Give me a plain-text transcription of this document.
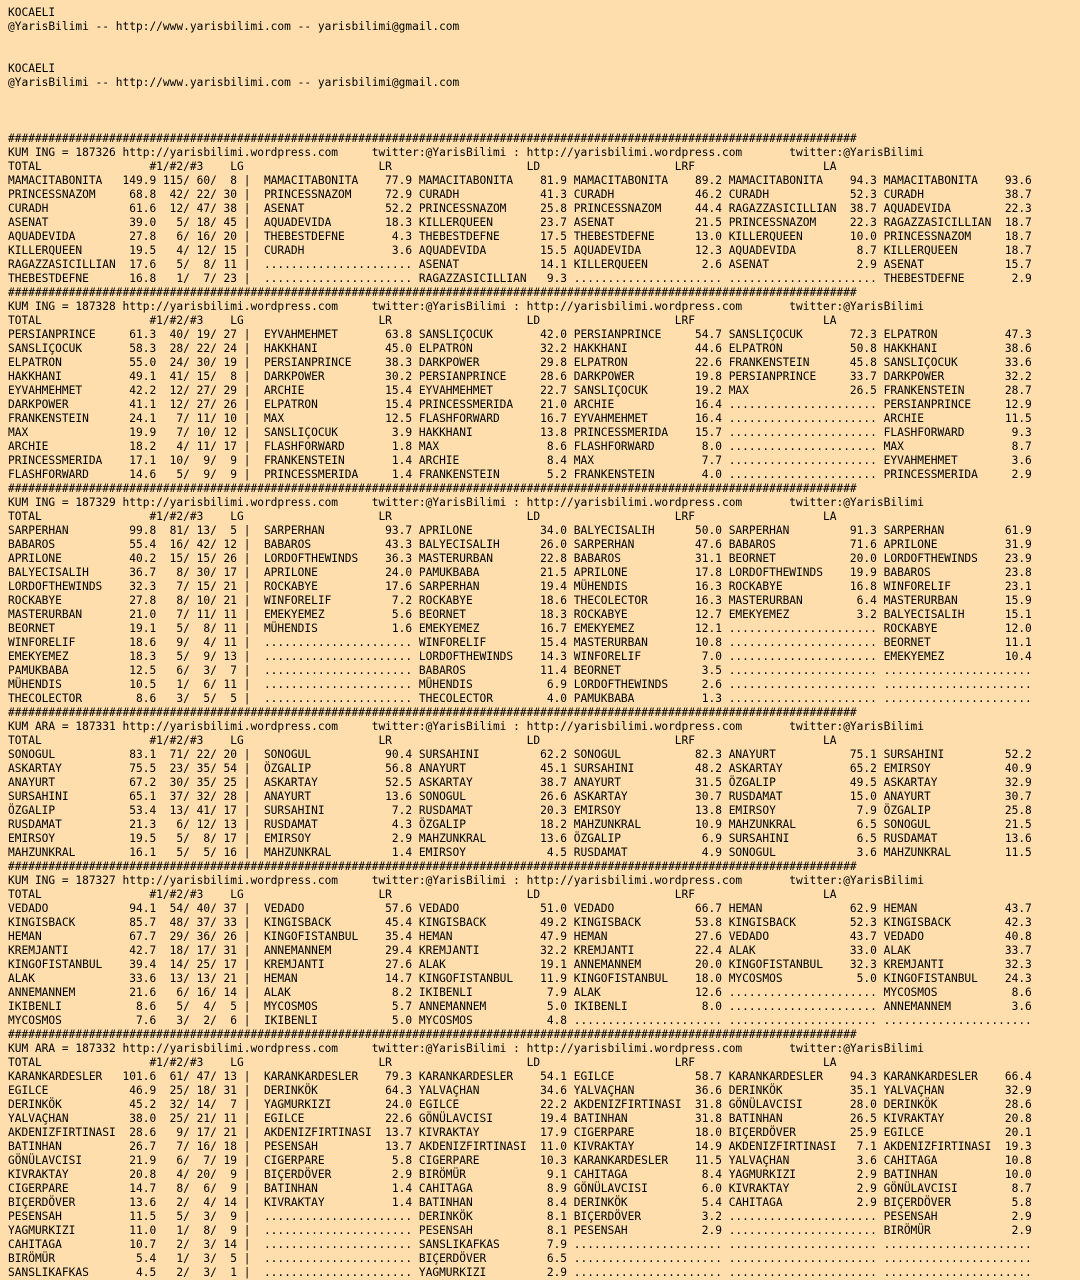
KOCAELI
@YarisBilimi -- http://www.yarisbilimi.com -- yarisbilimi@gmail.com

KOCAELI
@YarisBilimi -- http://www.yarisbilimi.com -- yarisbilimi@gmail.com

##############################################################################################################################
KUM ING = 187326 http://yarisbilimi.wordpress.com     twitter:@YarisBilimi : http://yarisbilimi.wordpress.com       twitter:@YarisBilimi
TOTAL                #1/#2/#3    LG                    LR                    LD                    LRF                   LA
MAMACITABONITA   149.9 115/ 60/  8 |  MAMACITABONITA    77.9 MAMACITABONITA    81.9 MAMACITABONITA    89.2 MAMACITABONITA    94.3 MAMACITABONITA    93.6
PRINCESSNAZOM     68.8  42/ 22/ 30 |  PRINCESSNAZOM     72.9 CURADH            41.3 CURADH            46.2 CURADH            52.3 CURADH            38.7
CURADH            61.6  12/ 47/ 38 |  ASENAT            52.2 PRINCESSNAZOM     25.8 PRINCESSNAZOM     44.4 RAGAZZASICILLIAN  38.7 AQUADEVIDA        22.3
ASENAT            39.0   5/ 18/ 45 |  AQUADEVIDA        18.3 KILLERQUEEN       23.7 ASENAT            21.5 PRINCESSNAZOM     22.3 RAGAZZASICILLIAN  18.7
AQUADEVIDA        27.8   6/ 16/ 20 |  THEBESTDEFNE       4.3 THEBESTDEFNE      17.5 THEBESTDEFNE      13.0 KILLERQUEEN       10.0 PRINCESSNAZOM     18.7
KILLERQUEEN       19.5   4/ 12/ 15 |  CURADH             3.6 AQUADEVIDA        15.5 AQUADEVIDA        12.3 AQUADEVIDA         8.7 KILLERQUEEN       18.7
RAGAZZASICILLIAN  17.6   5/  8/ 11 |  ...................... ASENAT            14.1 KILLERQUEEN        2.6 ASENAT             2.9 ASENAT            15.7
THEBESTDEFNE      16.8   1/  7/ 23 |  ...................... RAGAZZASICILLIAN   9.3 ...................... ...................... THEBESTDEFNE       2.9
##############################################################################################################################
KUM ING = 187328 http://yarisbilimi.wordpress.com     twitter:@YarisBilimi : http://yarisbilimi.wordpress.com       twitter:@YarisBilimi
TOTAL                #1/#2/#3    LG                    LR                    LD                    LRF                   LA
PERSIANPRINCE     61.3  40/ 19/ 27 |  EYVAHMEHMET       63.8 SANSLIÇOCUK       42.0 PERSIANPRINCE     54.7 SANSLIÇOCUK       72.3 ELPATRON          47.3
SANSLIÇOCUK       58.3  28/ 22/ 24 |  HAKKHANI          45.0 ELPATRON          32.2 HAKKHANI          44.6 ELPATRON          50.8 HAKKHANI          38.6
ELPATRON          55.0  24/ 30/ 19 |  PERSIANPRINCE     38.3 DARKPOWER         29.8 ELPATRON          22.6 FRANKENSTEIN      45.8 SANSLIÇOCUK       33.6
HAKKHANI          49.1  41/ 15/  8 |  DARKPOWER         30.2 PERSIANPRINCE     28.6 DARKPOWER         19.8 PERSIANPRINCE     33.7 DARKPOWER         32.2
EYVAHMEHMET       42.2  12/ 27/ 29 |  ARCHIE            15.4 EYVAHMEHMET       22.7 SANSLIÇOCUK       19.2 MAX               26.5 FRANKENSTEIN      28.7
DARKPOWER         41.1  12/ 27/ 26 |  ELPATRON          15.4 PRINCESSMERIDA    21.0 ARCHIE            16.4 ...................... PERSIANPRINCE     12.9
FRANKENSTEIN      24.1   7/ 11/ 10 |  MAX               12.5 FLASHFORWARD      16.7 EYVAHMEHMET       16.4 ...................... ARCHIE            11.5
MAX               19.9   7/ 10/ 12 |  SANSLIÇOCUK        3.9 HAKKHANI          13.8 PRINCESSMERIDA    15.7 ...................... FLASHFORWARD       9.3
ARCHIE            18.2   4/ 11/ 17 |  FLASHFORWARD       1.8 MAX                8.6 FLASHFORWARD       8.0 ...................... MAX                8.7
PRINCESSMERIDA    17.1  10/  9/  9 |  FRANKENSTEIN       1.4 ARCHIE             8.4 MAX                7.7 ...................... EYVAHMEHMET        3.6
FLASHFORWARD      14.6   5/  9/  9 |  PRINCESSMERIDA     1.4 FRANKENSTEIN       5.2 FRANKENSTEIN       4.0 ...................... PRINCESSMERIDA     2.9
##############################################################################################################################
KUM ING = 187329 http://yarisbilimi.wordpress.com     twitter:@YarisBilimi : http://yarisbilimi.wordpress.com       twitter:@YarisBilimi
TOTAL                #1/#2/#3    LG                    LR                    LD                    LRF                   LA
SARPERHAN         99.8  81/ 13/  5 |  SARPERHAN         93.7 APRILONE          34.0 BALYECISALIH      50.0 SARPERHAN         91.3 SARPERHAN         61.9
BABAROS           55.4  16/ 42/ 12 |  BABAROS           43.3 BALYECISALIH      26.0 SARPERHAN         47.6 BABAROS           71.6 APRILONE          31.9
APRILONE          40.2  15/ 15/ 26 |  LORDOFTHEWINDS    36.3 MASTERURBAN       22.8 BABAROS           31.1 BEORNET           20.0 LORDOFTHEWINDS    23.9
BALYECISALIH      36.7   8/ 30/ 17 |  APRILONE          24.0 PAMUKBABA         21.5 APRILONE          17.8 LORDOFTHEWINDS    19.9 BABAROS           23.8
LORDOFTHEWINDS    32.3   7/ 15/ 21 |  ROCKABYE          17.6 SARPERHAN         19.4 MÜHENDIS          16.3 ROCKABYE          16.8 WINFORELIF        23.1
ROCKABYE          27.8   8/ 10/ 21 |  WINFORELIF         7.2 ROCKABYE          18.6 THECOLECTOR       16.3 MASTERURBAN        6.4 MASTERURBAN       15.9
MASTERURBAN       21.0   7/ 11/ 11 |  EMEKYEMEZ          5.6 BEORNET           18.3 ROCKABYE          12.7 EMEKYEMEZ          3.2 BALYECISALIH      15.1
BEORNET           19.1   5/  8/ 11 |  MÜHENDIS           1.6 EMEKYEMEZ         16.7 EMEKYEMEZ         12.1 ...................... ROCKABYE          12.0
WINFORELIF        18.6   9/  4/ 11 |  ...................... WINFORELIF        15.4 MASTERURBAN       10.8 ...................... BEORNET           11.1
EMEKYEMEZ         18.3   5/  9/ 13 |  ...................... LORDOFTHEWINDS    14.3 WINFORELIF         7.0 ...................... EMEKYEMEZ         10.4
PAMUKBABA         12.5   6/  3/  7 |  ...................... BABAROS           11.4 BEORNET            3.5 ...................... ......................
MÜHENDIS          10.5   1/  6/ 11 |  ...................... MÜHENDIS           6.9 LORDOFTHEWINDS     2.6 ...................... ......................
THECOLECTOR        8.6   3/  5/  5 |  ...................... THECOLECTOR        4.0 PAMUKBABA          1.3 ...................... ......................
##############################################################################################################################
KUM ARA = 187331 http://yarisbilimi.wordpress.com     twitter:@YarisBilimi : http://yarisbilimi.wordpress.com       twitter:@YarisBilimi
TOTAL                #1/#2/#3    LG                    LR                    LD                    LRF                   LA
SONOGUL           83.1  71/ 22/ 20 |  SONOGUL           90.4 SURSAHINI         62.2 SONOGUL           82.3 ANAYURT           75.1 SURSAHINI         52.2
ASKARTAY          75.5  23/ 35/ 54 |  ÖZGALIP           56.8 ANAYURT           45.1 SURSAHINI         48.2 ASKARTAY          65.2 EMIRSOY           40.9
ANAYURT           67.2  30/ 35/ 25 |  ASKARTAY          52.5 ASKARTAY          38.7 ANAYURT           31.5 ÖZGALIP           49.5 ASKARTAY          32.9
SURSAHINI         65.1  37/ 32/ 28 |  ANAYURT           13.6 SONOGUL           26.6 ASKARTAY          30.7 RUSDAMAT          15.0 ANAYURT           30.7
ÖZGALIP           53.4  13/ 41/ 17 |  SURSAHINI          7.2 RUSDAMAT          20.3 EMIRSOY           13.8 EMIRSOY            7.9 ÖZGALIP           25.8
RUSDAMAT          21.3   6/ 12/ 13 |  RUSDAMAT           4.3 ÖZGALIP           18.2 MAHZUNKRAL        10.9 MAHZUNKRAL         6.5 SONOGUL           21.5
EMIRSOY           19.5   5/  8/ 17 |  EMIRSOY            2.9 MAHZUNKRAL        13.6 ÖZGALIP            6.9 SURSAHINI          6.5 RUSDAMAT          13.6
MAHZUNKRAL        16.1   5/  5/ 16 |  MAHZUNKRAL         1.4 EMIRSOY            4.5 RUSDAMAT           4.9 SONOGUL            3.6 MAHZUNKRAL        11.5
##############################################################################################################################
KUM ING = 187327 http://yarisbilimi.wordpress.com     twitter:@YarisBilimi : http://yarisbilimi.wordpress.com       twitter:@YarisBilimi
TOTAL                #1/#2/#3    LG                    LR                    LD                    LRF                   LA
VEDADO            94.1  54/ 40/ 37 |  VEDADO            57.6 VEDADO            51.0 VEDADO            66.7 HEMAN             62.9 HEMAN             43.7
KINGISBACK        85.7  48/ 37/ 33 |  KINGISBACK        45.4 KINGISBACK        49.2 KINGISBACK        53.8 KINGISBACK        52.3 KINGISBACK        42.3
HEMAN             67.7  29/ 36/ 26 |  KINGOFISTANBUL    35.4 HEMAN             47.9 HEMAN             27.6 VEDADO            43.7 VEDADO            40.8
KREMJANTI         42.7  18/ 17/ 31 |  ANNEMANNEM        29.4 KREMJANTI         32.2 KREMJANTI         22.4 ALAK              33.0 ALAK              33.7
KINGOFISTANBUL    39.4  14/ 25/ 17 |  KREMJANTI         27.6 ALAK              19.1 ANNEMANNEM        20.0 KINGOFISTANBUL    32.3 KREMJANTI         32.3
ALAK              33.6  13/ 13/ 21 |  HEMAN             14.7 KINGOFISTANBUL    11.9 KINGOFISTANBUL    18.0 MYCOSMOS           5.0 KINGOFISTANBUL    24.3
ANNEMANNEM        21.6   6/ 16/ 14 |  ALAK               8.2 IKIBENLI           7.9 ALAK              12.6 ...................... MYCOSMOS           8.6
IKIBENLI           8.6   5/  4/  5 |  MYCOSMOS           5.7 ANNEMANNEM         5.0 IKIBENLI           8.0 ...................... ANNEMANNEM         3.6
MYCOSMOS           7.6   3/  2/  6 |  IKIBENLI           5.0 MYCOSMOS           4.8 ...................... ...................... ......................
##############################################################################################################################
KUM ARA = 187332 http://yarisbilimi.wordpress.com     twitter:@YarisBilimi : http://yarisbilimi.wordpress.com       twitter:@YarisBilimi
TOTAL                #1/#2/#3    LG                    LR                    LD                    LRF                   LA
KARANKARDESLER   101.6  61/ 47/ 13 |  KARANKARDESLER    79.3 KARANKARDESLER    54.1 EGILCE            58.7 KARANKARDESLER    94.3 KARANKARDESLER    66.4
EGILCE            46.9  25/ 18/ 31 |  DERINKÖK          64.3 YALVAÇHAN         34.6 YALVAÇHAN         36.6 DERINKÖK          35.1 YALVAÇHAN         32.9
DERINKÖK          45.2  32/ 14/  7 |  YAGMURKIZI        24.0 EGILCE            22.2 AKDENIZFIRTINASI  31.8 GÖNÜLAVCISI       28.0 DERINKÖK          28.6
YALVAÇHAN         38.0  25/ 21/ 11 |  EGILCE            22.6 GÖNÜLAVCISI       19.4 BATINHAN          31.8 BATINHAN          26.5 KIVRAKTAY         20.8
AKDENIZFIRTINASI  28.6   9/ 17/ 21 |  AKDENIZFIRTINASI  13.7 KIVRAKTAY         17.9 CIGERPARE         18.0 BIÇERDÖVER        25.9 EGILCE            20.1
BATINHAN          26.7   7/ 16/ 18 |  PESENSAH          13.7 AKDENIZFIRTINASI  11.0 KIVRAKTAY         14.9 AKDENIZFIRTINASI   7.1 AKDENIZFIRTINASI  19.3
GÖNÜLAVCISI       21.9   6/  7/ 19 |  CIGERPARE          5.8 CIGERPARE         10.3 KARANKARDESLER    11.5 YALVAÇHAN          3.6 CAHITAGA          10.8
KIVRAKTAY         20.8   4/ 20/  9 |  BIÇERDÖVER         2.9 BIRÖMÜR            9.1 CAHITAGA           8.4 YAGMURKIZI         2.9 BATINHAN          10.0
CIGERPARE         14.7   8/  6/  9 |  BATINHAN           1.4 CAHITAGA           8.9 GÖNÜLAVCISI        6.0 KIVRAKTAY          2.9 GÖNÜLAVCISI        8.7
BIÇERDÖVER        13.6   2/  4/ 14 |  KIVRAKTAY          1.4 BATINHAN           8.4 DERINKÖK           5.4 CAHITAGA           2.9 BIÇERDÖVER         5.8
PESENSAH          11.5   5/  3/  9 |  ...................... DERINKÖK           8.1 BIÇERDÖVER         3.2 ...................... PESENSAH           2.9
YAGMURKIZI        11.0   1/  8/  9 |  ...................... PESENSAH           8.1 PESENSAH           2.9 ...................... BIRÖMÜR            2.9
CAHITAGA          10.7   2/  3/ 14 |  ...................... SANSLIKAFKAS       7.9 ...................... ...................... ......................
BIRÖMÜR            5.4   1/  3/  5 |  ...................... BIÇERDÖVER         6.5 ...................... ...................... ......................
SANSLIKAFKAS       4.5   2/  3/  1 |  ...................... YAGMURKIZI         2.9 ...................... ...................... ......................
